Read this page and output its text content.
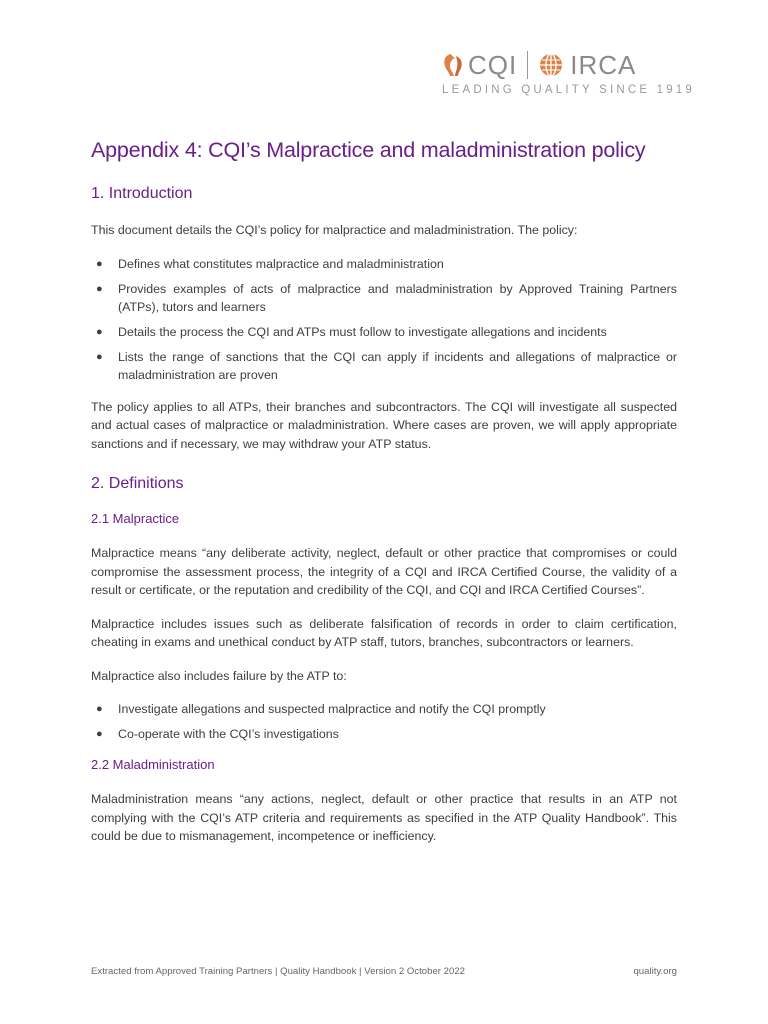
CQI IRCA
LEADING QUALITY SINCE 1919
Appendix 4: CQI’s Malpractice and maladministration policy
1. Introduction

This document details the CQI’s policy for malpractice and maladministration. The policy:

● Defines what constitutes malpractice and maladministration
● Provides examples of acts of malpractice and maladministration by Approved Training Partners (ATPs), tutors and learners
● Details the process the CQI and ATPs must follow to investigate allegations and incidents
● Lists the range of sanctions that the CQI can apply if incidents and allegations of malpractice or maladministration are proven

The policy applies to all ATPs, their branches and subcontractors. The CQI will investigate all suspected and actual cases of malpractice or maladministration. Where cases are proven, we will apply appropriate sanctions and if necessary, we may withdraw your ATP status.

2. Definitions
2.1 Malpractice

Malpractice means “any deliberate activity, neglect, default or other practice that compromises or could compromise the assessment process, the integrity of a CQI and IRCA Certified Course, the validity of a result or certificate, or the reputation and credibility of the CQI, and CQI and IRCA Certified Courses”.

Malpractice includes issues such as deliberate falsification of records in order to claim certification, cheating in exams and unethical conduct by ATP staff, tutors, branches, subcontractors or learners.

Malpractice also includes failure by the ATP to:

● Investigate allegations and suspected malpractice and notify the CQI promptly
● Co-operate with the CQI’s investigations
2.2 Maladministration

Maladministration means “any actions, neglect, default or other practice that results in an ATP not complying with the CQI’s ATP criteria and requirements as specified in the ATP Quality Handbook”. This could be due to mismanagement, incompetence or inefficiency.

Extracted from Approved Training Partners | Quality Handbook | Version 2 October 2022	quality.org
